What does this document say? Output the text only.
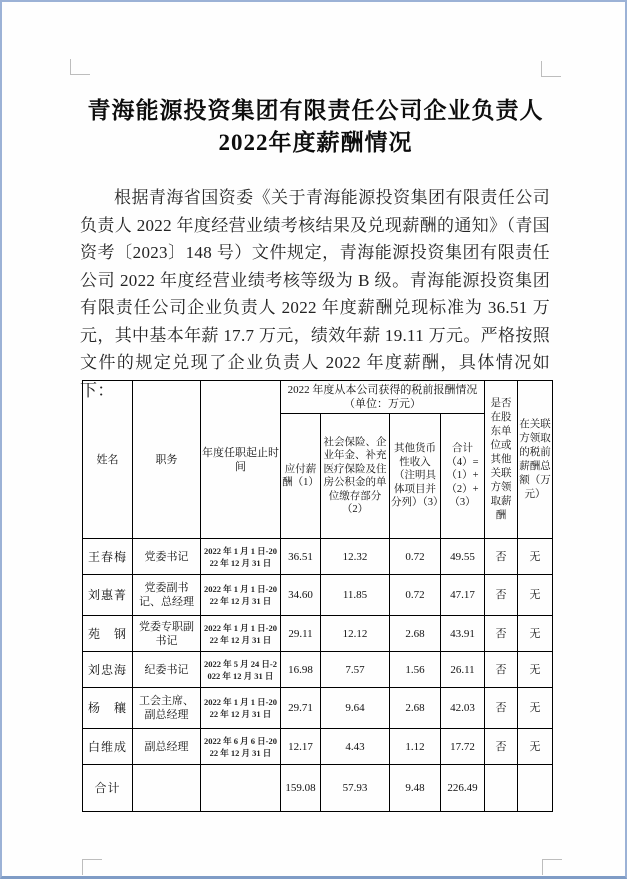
青海能源投资集团有限责任公司企业负责人
2022年度薪酬情况

根据青海省国资委《关于青海能源投资集团有限责任公司负责人 2022 年度经营业绩考核结果及兑现薪酬的通知》（青国资考〔2023〕148 号）文件规定，青海能源投资集团有限责任公司 2022 年度经营业绩考核等级为 B 级。青海能源投资集团有限责任公司企业负责人 2022 年度薪酬兑现标准为 36.51 万元，其中基本年薪 17.7 万元，绩效年薪 19.11 万元。严格按照文件的规定兑现了企业负责人 2022 年度薪酬，具体情况如下：

姓名	职务	年度任职起止时间	2022 年度从本公司获得的税前报酬情况（单位：万元）				是否在股东单位或其他关联方领取薪酬	在关联方领取的税前薪酬总额（万元）
			应付薪酬（1）	社会保险、企业年金、补充医疗保险及住房公积金的单位缴存部分（2）	其他货币性收入（注明具体项目并分列）（3）	合计（4）=（1）+（2）+（3）		
王春梅	党委书记	2022 年 1 月 1 日-2022 年 12 月 31 日	36.51	12.32	0.72	49.55	否	无
刘惠菁	党委副书记、总经理	2022 年 1 月 1 日-2022 年 12 月 31 日	34.60	11.85	0.72	47.17	否	无
苑　钢	党委专职副书记	2022 年 1 月 1 日-2022 年 12 月 31 日	29.11	12.12	2.68	43.91	否	无
刘忠海	纪委书记	2022 年 5 月 24 日-2022 年 12 月 31 日	16.98	7.57	1.56	26.11	否	无
杨　穰	工会主席、副总经理	2022 年 1 月 1 日-2022 年 12 月 31 日	29.71	9.64	2.68	42.03	否	无
白维成	副总经理	2022 年 6 月 6 日-2022 年 12 月 31 日	12.17	4.43	1.12	17.72	否	无
合计			159.08	57.93	9.48	226.49		
